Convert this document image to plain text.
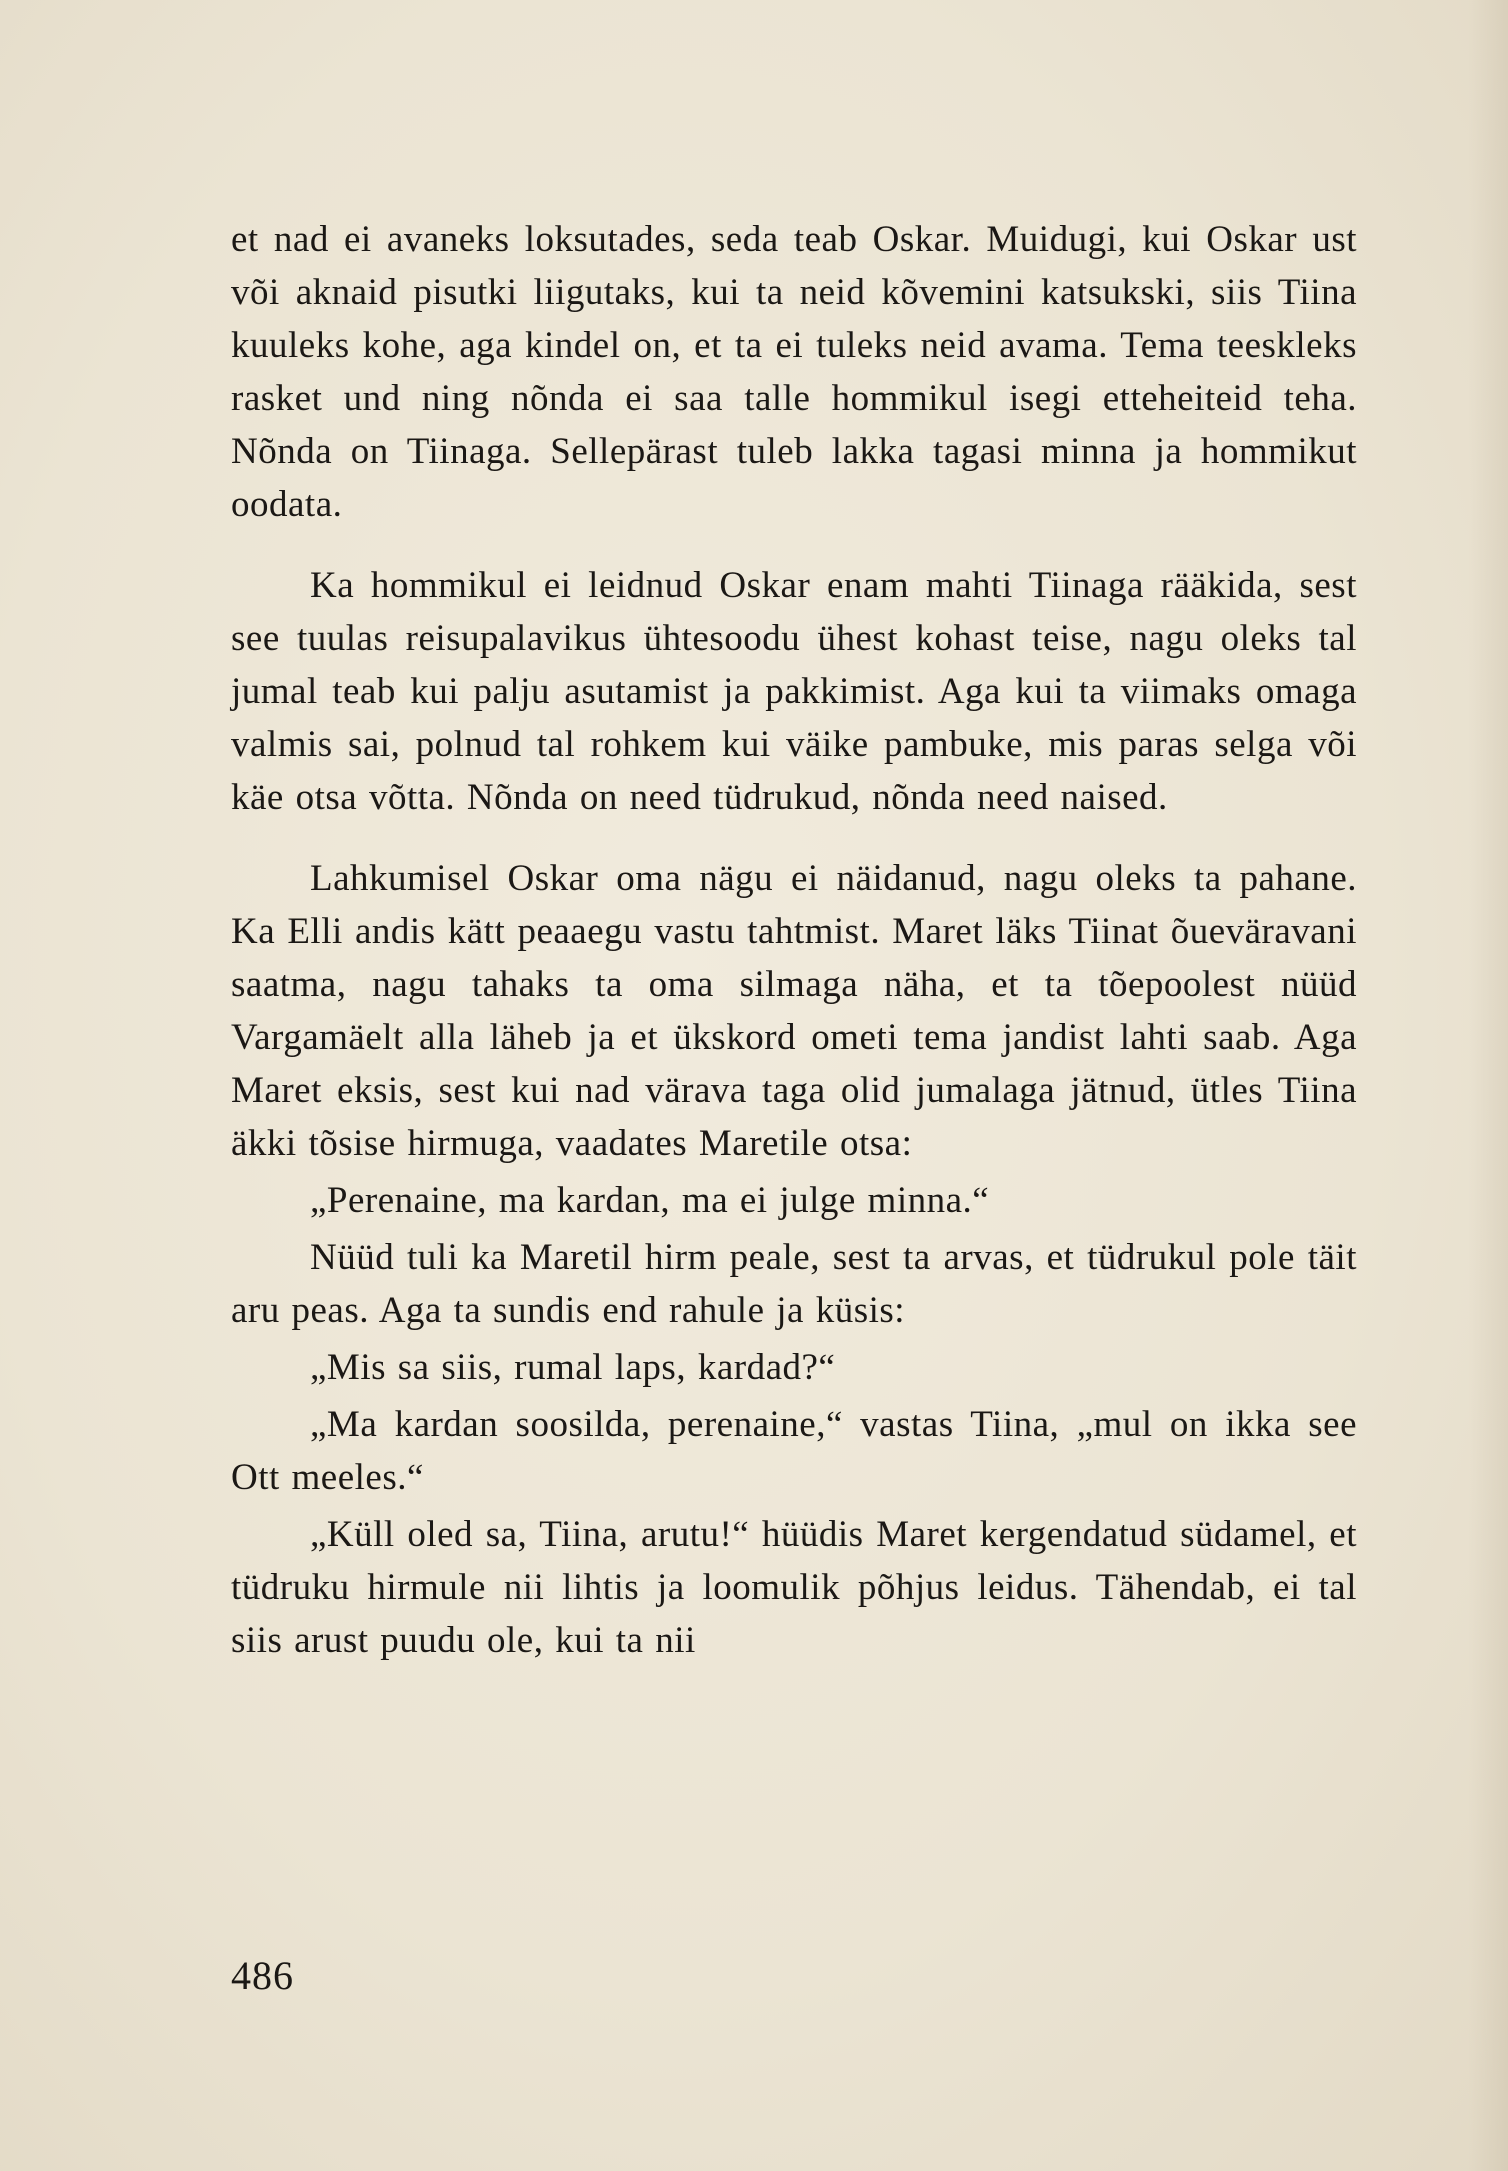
et nad ei avaneks loksutades, seda teab Oskar. Muidugi, kui Oskar ust või aknaid pisutki liigutaks, kui ta neid kõvemini katsukski, siis Tiina kuuleks kohe, aga kindel on, et ta ei tuleks neid avama. Tema teeskleks rasket und ning nõnda ei saa talle hommikul isegi etteheiteid teha. Nõnda on Tiinaga. Sellepärast tuleb lakka tagasi minna ja hommikut oodata.

Ka hommikul ei leidnud Oskar enam mahti Tiinaga rääkida, sest see tuulas reisupalavikus ühtesoodu ühest kohast teise, nagu oleks tal jumal teab kui palju asutamist ja pakkimist. Aga kui ta viimaks omaga valmis sai, polnud tal rohkem kui väike pambuke, mis paras selga või käe otsa võtta. Nõnda on need tüdrukud, nõnda need naised.

Lahkumisel Oskar oma nägu ei näidanud, nagu oleks ta pahane. Ka Elli andis kätt peaaegu vastu tahtmist. Maret läks Tiinat õueväravani saatma, nagu tahaks ta oma silmaga näha, et ta tõepoolest nüüd Vargamäelt alla läheb ja et ükskord ometi tema jandist lahti saab. Aga Maret eksis, sest kui nad värava taga olid jumalaga jätnud, ütles Tiina äkki tõsise hirmuga, vaadates Maretile otsa:

„Perenaine, ma kardan, ma ei julge minna.“

Nüüd tuli ka Maretil hirm peale, sest ta arvas, et tüdrukul pole täit aru peas. Aga ta sundis end rahule ja küsis:

„Mis sa siis, rumal laps, kardad?“

„Ma kardan soosilda, perenaine,“ vastas Tiina, „mul on ikka see Ott meeles.“

„Küll oled sa, Tiina, arutu!“ hüüdis Maret kergendatud südamel, et tüdruku hirmule nii lihtis ja loomulik põhjus leidus. Tähendab, ei tal siis arust puudu ole, kui ta nii

486
